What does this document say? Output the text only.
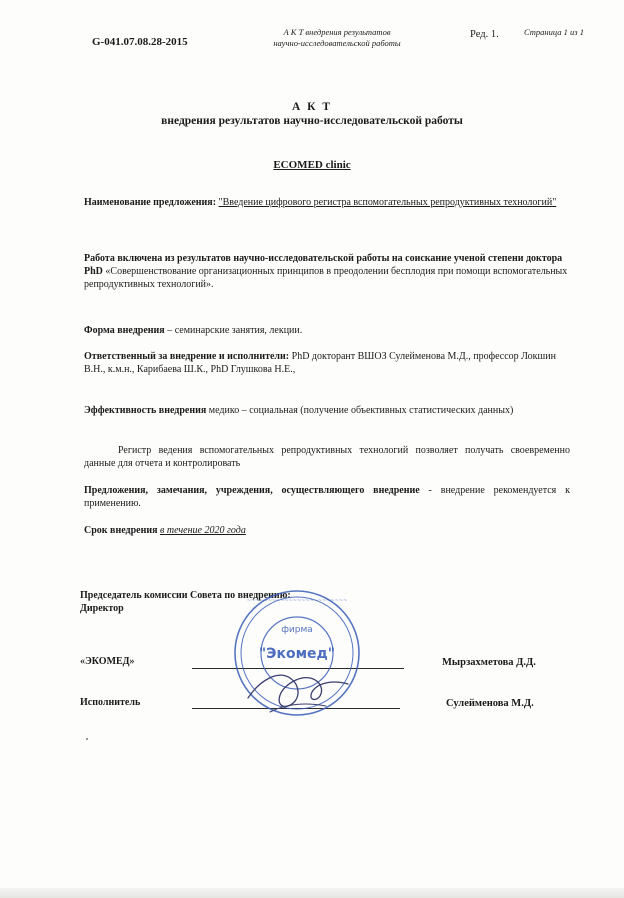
G-041.07.08.28-2015
А К Т внедрения результатов
научно-исследовательской работы
Ред. 1.	Страница 1 из 1
А К Т
внедрения результатов научно-исследовательской работы
ECOMED clinic
Наименование предложения: "Введение цифрового регистра вспомогательных репродуктивных технологий"
Работа включена из результатов научно-исследовательской работы на соискание ученой степени доктора PhD «Совершенствование организационных принципов в преодолении бесплодия при помощи вспомогательных репродуктивных технологий».
Форма внедрения – семинарские занятия, лекции.
Ответственный за внедрение и исполнители: PhD докторант ВШОЗ Сулейменова М.Д., профессор Локшин В.Н., к.м.н., Карибаева Ш.К., PhD Глушкова Н.Е.,
Эффективность внедрения медико – социальная (получение объективных статистических данных)
Регистр ведения вспомогательных репродуктивных технологий позволяет получать своевременно данные для отчета и контролировать
Предложения, замечания, учреждения, осуществляющего внедрение - внедрение рекомендуется к применению.
Срок внедрения в течение 2020 года
Председатель комиссии Совета по внедрению:
Директор
«ЭКОМЕД»	Мырзахметова Д.Д.
Исполнитель	Сулейменова М.Д.
~~~~~~~~~~~~~~~~~~~~~~~~
фирма
"Экомед"
